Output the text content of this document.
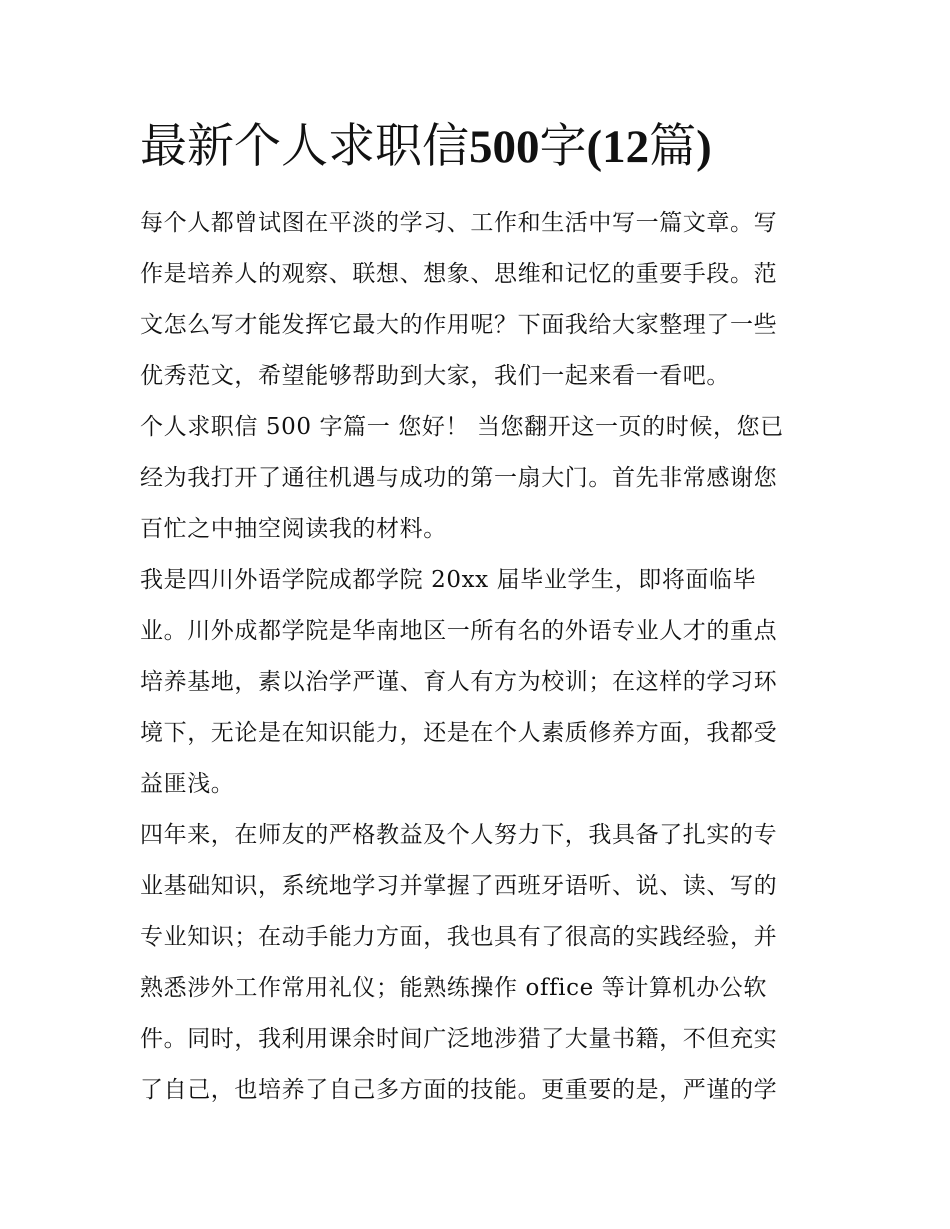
最新个人求职信500字(12篇)
每个人都曾试图在平淡的学习、工作和生活中写一篇文章。写
作是培养人的观察、联想、想象、思维和记忆的重要手段。范
文怎么写才能发挥它最大的作用呢？下面我给大家整理了一些
优秀范文，希望能够帮助到大家，我们一起来看一看吧。
个人求职信 500 字篇一 您好！ 当您翻开这一页的时候，您已
经为我打开了通往机遇与成功的第一扇大门。首先非常感谢您
百忙之中抽空阅读我的材料。
我是四川外语学院成都学院 20xx 届毕业学生，即将面临毕
业。川外成都学院是华南地区一所有名的外语专业人才的重点
培养基地，素以治学严谨、育人有方为校训；在这样的学习环
境下，无论是在知识能力，还是在个人素质修养方面，我都受
益匪浅。
四年来，在师友的严格教益及个人努力下，我具备了扎实的专
业基础知识，系统地学习并掌握了西班牙语听、说、读、写的
专业知识；在动手能力方面，我也具有了很高的实践经验，并
熟悉涉外工作常用礼仪；能熟练操作 office 等计算机办公软
件。同时，我利用课余时间广泛地涉猎了大量书籍，不但充实
了自己，也培养了自己多方面的技能。更重要的是，严谨的学
